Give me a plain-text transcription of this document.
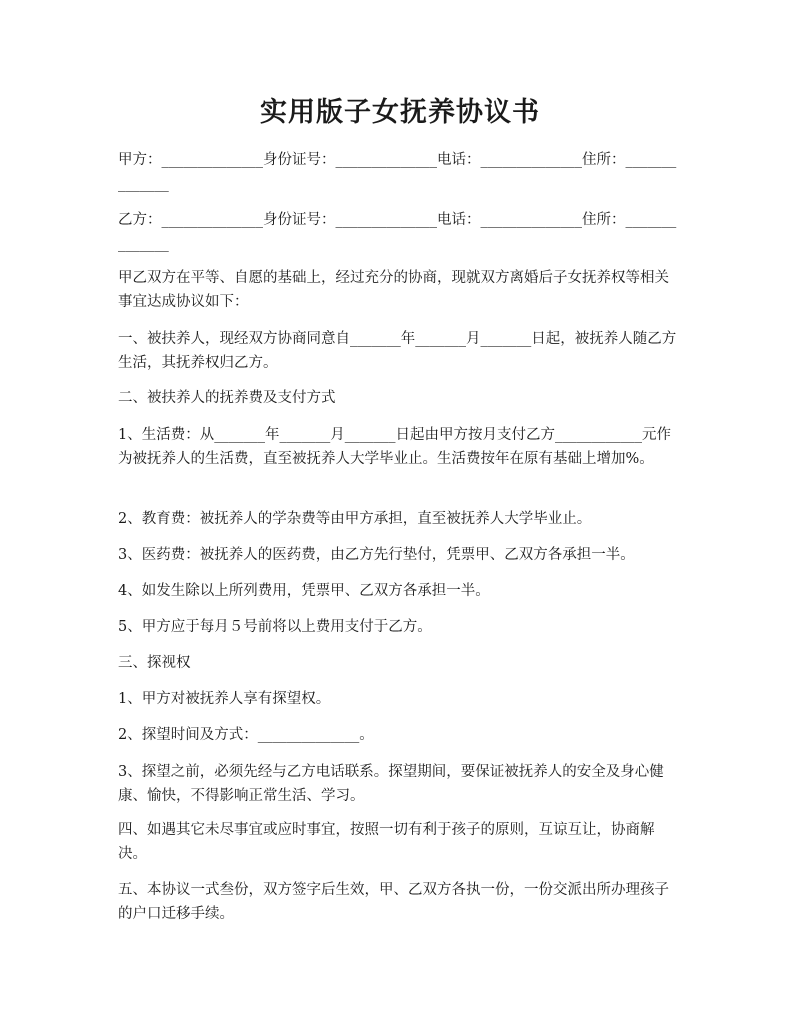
实用版子女抚养协议书

甲方：______________身份证号：______________电话：______________住所：______________

乙方：______________身份证号：______________电话：______________住所：______________

甲乙双方在平等、自愿的基础上，经过充分的协商，现就双方离婚后子女抚养权等相关事宜达成协议如下：

一、被扶养人，现经双方协商同意自_______年_______月_______日起，被抚养人随乙方生活，其抚养权归乙方。

二、被扶养人的抚养费及支付方式

1、生活费：从_______年_______月_______日起由甲方按月支付乙方____________元作为被抚养人的生活费，直至被抚养人大学毕业止。生活费按年在原有基础上增加%。

2、教育费：被抚养人的学杂费等由甲方承担，直至被抚养人大学毕业止。

3、医药费：被抚养人的医药费，由乙方先行垫付，凭票甲、乙双方各承担一半。

4、如发生除以上所列费用，凭票甲、乙双方各承担一半。

5、甲方应于每月５号前将以上费用支付于乙方。

三、探视权

1、甲方对被抚养人享有探望权。

2、探望时间及方式：______________。

3、探望之前，必须先经与乙方电话联系。探望期间，要保证被抚养人的安全及身心健康、愉快，不得影响正常生活、学习。

四、如遇其它未尽事宜或应时事宜，按照一切有利于孩子的原则，互谅互让，协商解决。

五、本协议一式叁份，双方签字后生效，甲、乙双方各执一份，一份交派出所办理孩子的户口迁移手续。
